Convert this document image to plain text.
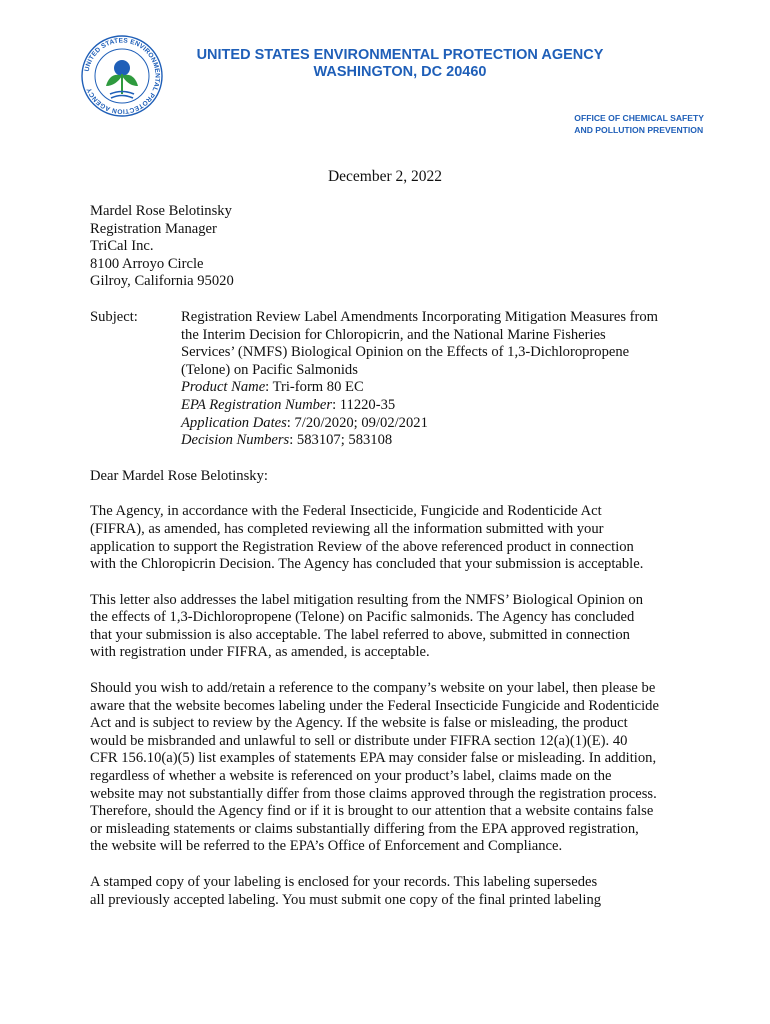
UNITED STATES ENVIRONMENTAL PROTECTION AGENCY
UNITED STATES ENVIRONMENTAL PROTECTION AGENCY
WASHINGTON, DC 20460
OFFICE OF CHEMICAL SAFETY
AND POLLUTION PREVENTION
December 2, 2022
Mardel Rose Belotinsky
Registration Manager
TriCal Inc.
8100 Arroyo Circle
Gilroy, California 95020
Subject:	Registration Review Label Amendments Incorporating Mitigation Measures from
the Interim Decision for Chloropicrin, and the National Marine Fisheries
Services’ (NMFS) Biological Opinion on the Effects of 1,3-Dichloropropene
(Telone) on Pacific Salmonids
Product Name: Tri-form 80 EC
EPA Registration Number: 11220-35
Application Dates: 7/20/2020; 09/02/2021
Decision Numbers: 583107; 583108
Dear Mardel Rose Belotinsky:

The Agency, in accordance with the Federal Insecticide, Fungicide and Rodenticide Act
(FIFRA), as amended, has completed reviewing all the information submitted with your
application to support the Registration Review of the above referenced product in connection
with the Chloropicrin Decision. The Agency has concluded that your submission is acceptable.

This letter also addresses the label mitigation resulting from the NMFS’ Biological Opinion on
the effects of 1,3-Dichloropropene (Telone) on Pacific salmonids. The Agency has concluded
that your submission is also acceptable. The label referred to above, submitted in connection
with registration under FIFRA, as amended, is acceptable.

Should you wish to add/retain a reference to the company’s website on your label, then please be
aware that the website becomes labeling under the Federal Insecticide Fungicide and Rodenticide
Act and is subject to review by the Agency. If the website is false or misleading, the product
would be misbranded and unlawful to sell or distribute under FIFRA section 12(a)(1)(E). 40
CFR 156.10(a)(5) list examples of statements EPA may consider false or misleading. In addition,
regardless of whether a website is referenced on your product’s label, claims made on the
website may not substantially differ from those claims approved through the registration process.
Therefore, should the Agency find or if it is brought to our attention that a website contains false
or misleading statements or claims substantially differing from the EPA approved registration,
the website will be referred to the EPA’s Office of Enforcement and Compliance.

A stamped copy of your labeling is enclosed for your records. This labeling supersedes
all previously accepted labeling. You must submit one copy of the final printed labeling
